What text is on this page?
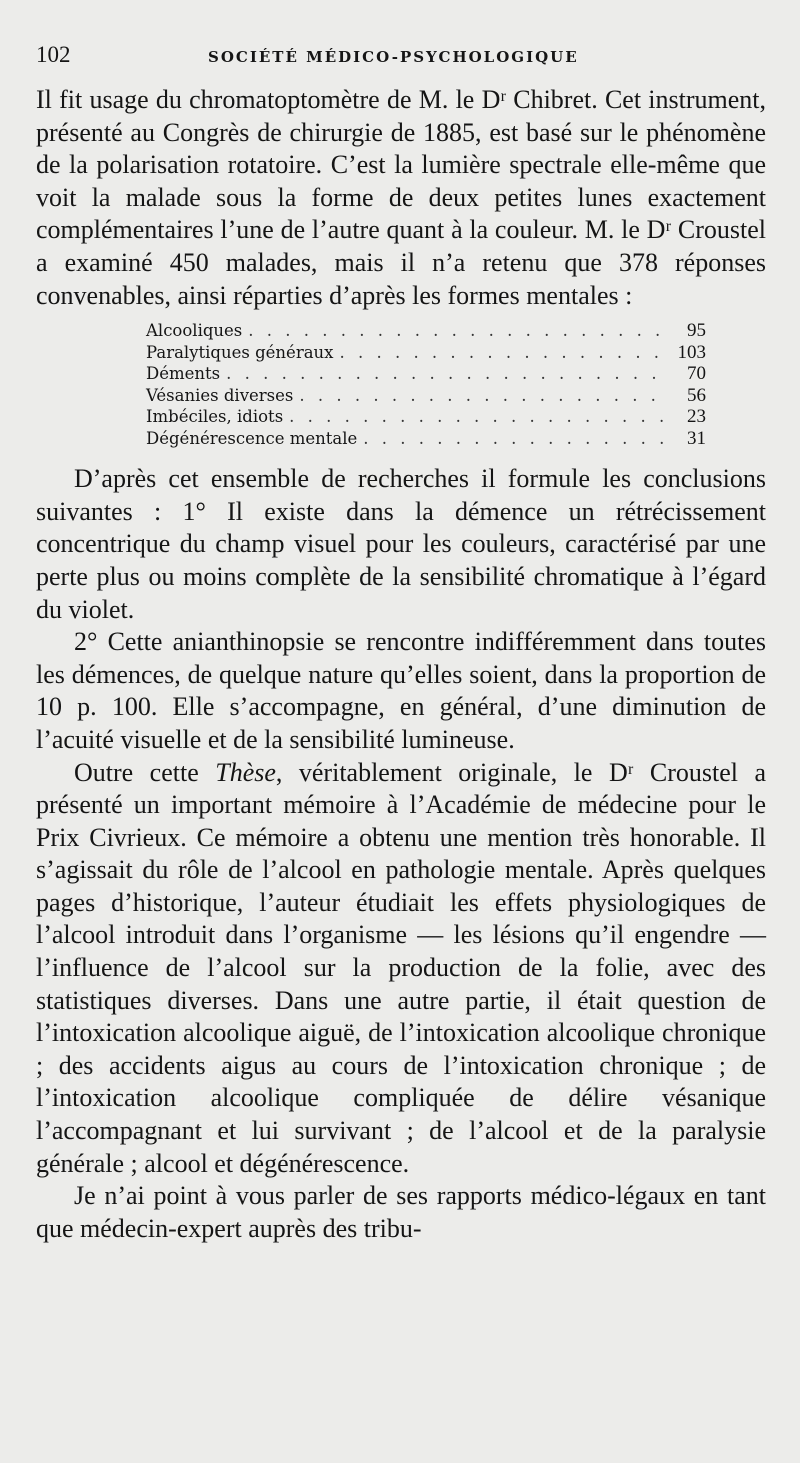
102	SOCIÉTÉ MÉDICO-PSYCHOLOGIQUE

Il fit usage du chromatoptomètre de M. le Dʳ Chibret. Cet instrument, présenté au Congrès de chirurgie de 1885, est basé sur le phénomène de la polarisation rotatoire. C’est la lumière spectrale elle-même que voit la malade sous la forme de deux petites lunes exactement complémentaires l’une de l’autre quant à la couleur. M. le Dʳ Croustel a examiné 450 malades, mais il n’a retenu que 378 réponses convenables, ainsi réparties d’après les formes mentales :

Alcooliques . . .	95
Paralytiques généraux . . .	103
Déments . . .	70
Vésanies diverses . . .	56
Imbéciles, idiots . . .	23
Dégénérescence mentale . . .	31

D’après cet ensemble de recherches il formule les conclusions suivantes : 1° Il existe dans la démence un rétrécissement concentrique du champ visuel pour les couleurs, caractérisé par une perte plus ou moins complète de la sensibilité chromatique à l’égard du violet.

2° Cette anianthinopsie se rencontre indifféremment dans toutes les démences, de quelque nature qu’elles soient, dans la proportion de 10 p. 100. Elle s’accompagne, en général, d’une diminution de l’acuité visuelle et de la sensibilité lumineuse.

Outre cette Thèse, véritablement originale, le Dʳ Croustel a présenté un important mémoire à l’Académie de médecine pour le Prix Civrieux. Ce mémoire a obtenu une mention très honorable. Il s’agissait du rôle de l’alcool en pathologie mentale. Après quelques pages d’historique, l’auteur étudiait les effets physiologiques de l’alcool introduit dans l’organisme — les lésions qu’il engendre — l’influence de l’alcool sur la production de la folie, avec des statistiques diverses. Dans une autre partie, il était question de l’intoxication alcoolique aiguë, de l’intoxication alcoolique chronique ; des accidents aigus au cours de l’intoxication chronique ; de l’intoxication alcoolique compliquée de délire vésanique l’accompagnant et lui survivant ; de l’alcool et de la paralysie générale ; alcool et dégénérescence.

Je n’ai point à vous parler de ses rapports médico-légaux en tant que médecin-expert auprès des tribu-
